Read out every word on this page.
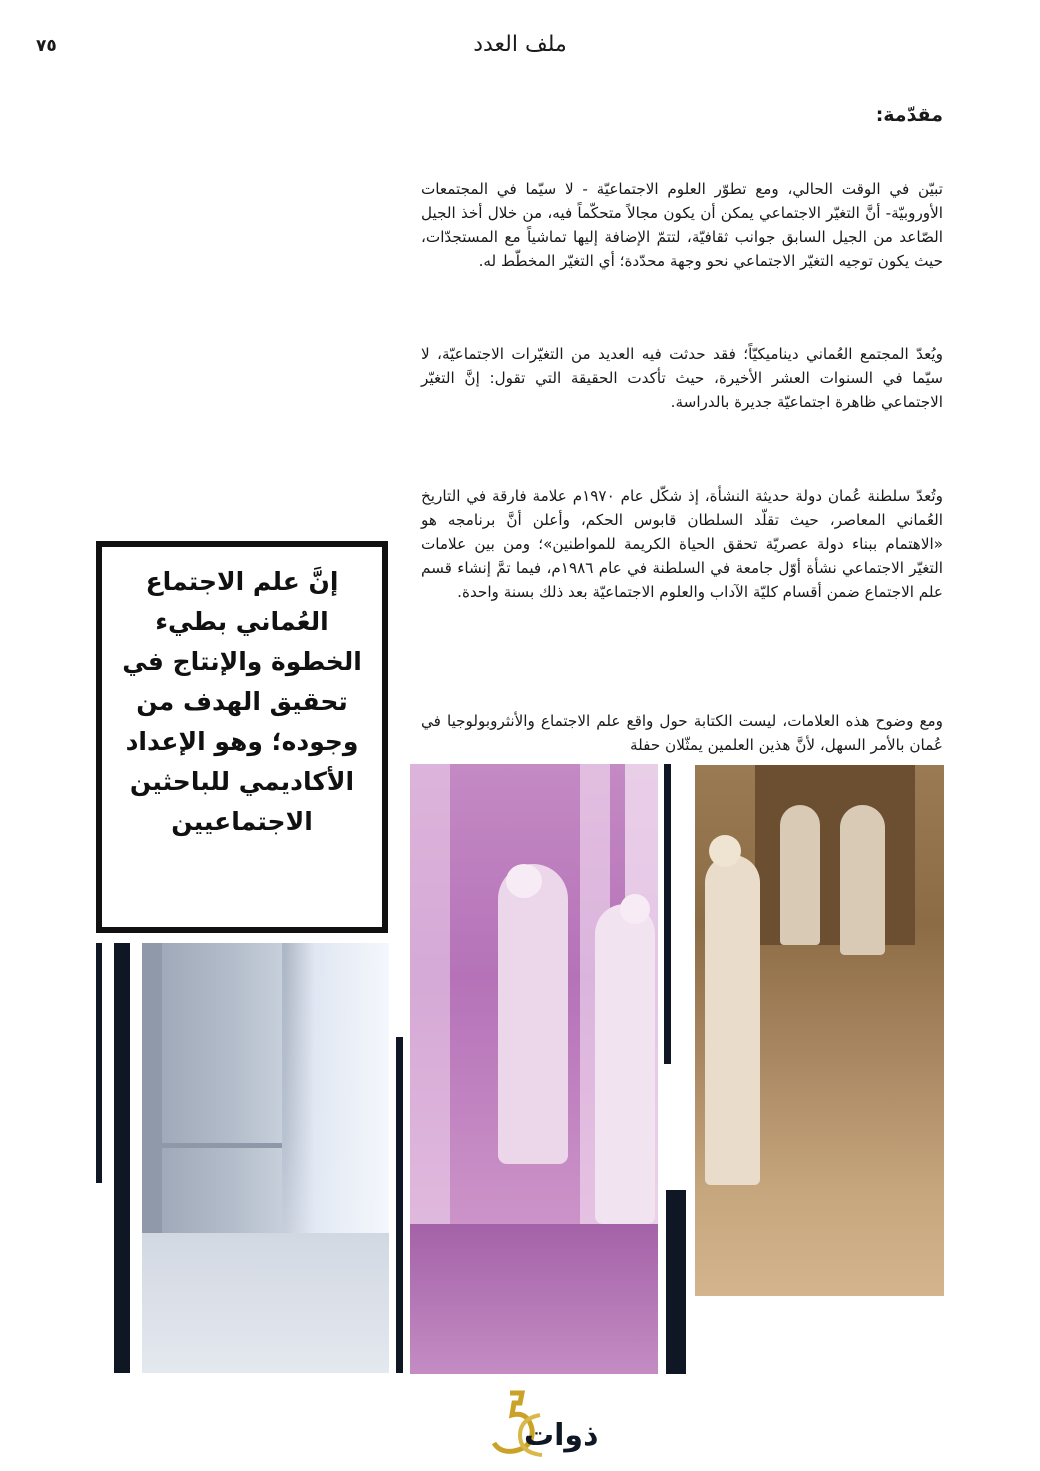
٧٥	ملف العدد
مقدّمة:

تبيّن في الوقت الحالي، ومع تطوّر العلوم الاجتماعيّة - لا سيّما في المجتمعات الأوروبيّة- أنَّ التغيّر الاجتماعي يمكن أن يكون مجالاً متحكّماً فيه، من خلال أخذ الجيل الصّاعد من الجيل السابق جوانب ثقافيّة، لتتمّ الإضافة إليها تماشياً مع المستجدّات، حيث يكون توجيه التغيّر الاجتماعي نحو وجهة محدّدة؛ أي التغيّر المخطّط له.

ويُعدّ المجتمع العُماني ديناميكيّاً؛ فقد حدثت فيه العديد من التغيّرات الاجتماعيّة، لا سيّما في السنوات العشر الأخيرة، حيث تأكدت الحقيقة التي تقول: إنَّ التغيّر الاجتماعي ظاهرة اجتماعيّة جديرة بالدراسة.

وتُعدّ سلطنة عُمان دولة حديثة النشأة، إذ شكّل عام ١٩٧٠م علامة فارقة في التاريخ العُماني المعاصر، حيث تقلّد السلطان قابوس الحكم، وأعلن أنَّ برنامجه هو «الاهتمام ببناء دولة عصريّة تحقق الحياة الكريمة للمواطنين»؛ ومن بين علامات التغيّر الاجتماعي نشأة أوّل جامعة في السلطنة في عام ١٩٨٦م، فيما تمَّ إنشاء قسم علم الاجتماع ضمن أقسام كليّة الآداب والعلوم الاجتماعيّة بعد ذلك بسنة واحدة.

ومع وضوح هذه العلامات، ليست الكتابة حول واقع علم الاجتماع والأنثروبولوجيا في عُمان بالأمر السهل، لأنَّ هذين العلمين يمثّلان حفلة

إنَّ علم الاجتماع العُماني بطيء الخطوة والإنتاج في تحقيق الهدف من وجوده؛ وهو الإعداد الأكاديمي للباحثين الاجتماعيين
ذوات
